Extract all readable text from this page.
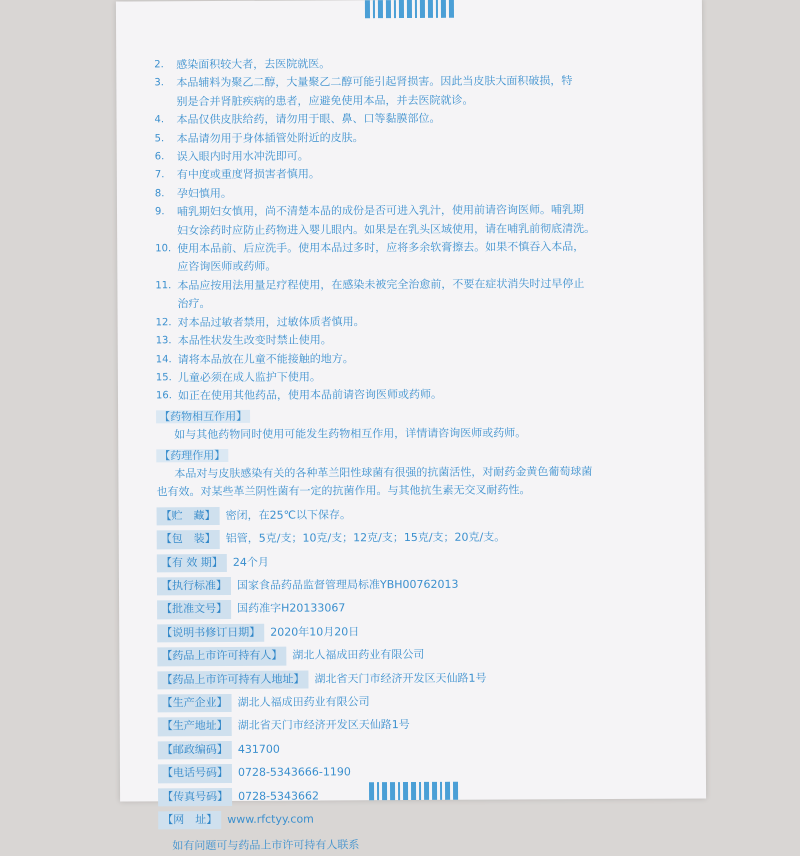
2.	感染面积较大者，去医院就医。
3.	本品辅料为聚乙二醇，大量聚乙二醇可能引起肾损害。因此当皮肤大面积破损，特
别是合并肾脏疾病的患者，应避免使用本品，并去医院就诊。
4.	本品仅供皮肤给药，请勿用于眼、鼻、口等黏膜部位。
5.	本品请勿用于身体插管处附近的皮肤。
6.	误入眼内时用水冲洗即可。
7.	有中度或重度肾损害者慎用。
8.	孕妇慎用。
9.	哺乳期妇女慎用，尚不清楚本品的成份是否可进入乳汁，使用前请咨询医师。哺乳期
妇女涂药时应防止药物进入婴儿眼内。如果是在乳头区域使用，请在哺乳前彻底清洗。
10. 使用本品前、后应洗手。使用本品过多时，应将多余软膏擦去。如果不慎吞入本品，
应咨询医师或药师。
11. 本品应按用法用量足疗程使用，在感染未被完全治愈前，不要在症状消失时过早停止
治疗。
12. 对本品过敏者禁用，过敏体质者慎用。
13. 本品性状发生改变时禁止使用。
14. 请将本品放在儿童不能接触的地方。
15. 儿童必须在成人监护下使用。
16. 如正在使用其他药品，使用本品前请咨询医师或药师。
【药物相互作用】
如与其他药物同时使用可能发生药物相互作用，详情请咨询医师或药师。
【药理作用】
本品对与皮肤感染有关的各种革兰阳性球菌有很强的抗菌活性，对耐药金黄色葡萄球菌
也有效。对某些革兰阴性菌有一定的抗菌作用。与其他抗生素无交叉耐药性。
【贮　藏】 密闭，在25℃以下保存。
【包　装】 铝管，5克/支；10克/支；12克/支；15克/支；20克/支。
【有 效 期】 24个月
【执行标准】 国家食品药品监督管理局标准YBH00762013
【批准文号】 国药准字H20133067
【说明书修订日期】 2020年10月20日
【药品上市许可持有人】 湖北人福成田药业有限公司
【药品上市许可持有人地址】 湖北省天门市经济开发区天仙路1号
【生产企业】 湖北人福成田药业有限公司
【生产地址】 湖北省天门市经济开发区天仙路1号
【邮政编码】 431700
【电话号码】 0728-5343666-1190
【传真号码】 0728-5343662
【网　址】 www.rfctyy.com
如有问题可与药品上市许可持有人联系
